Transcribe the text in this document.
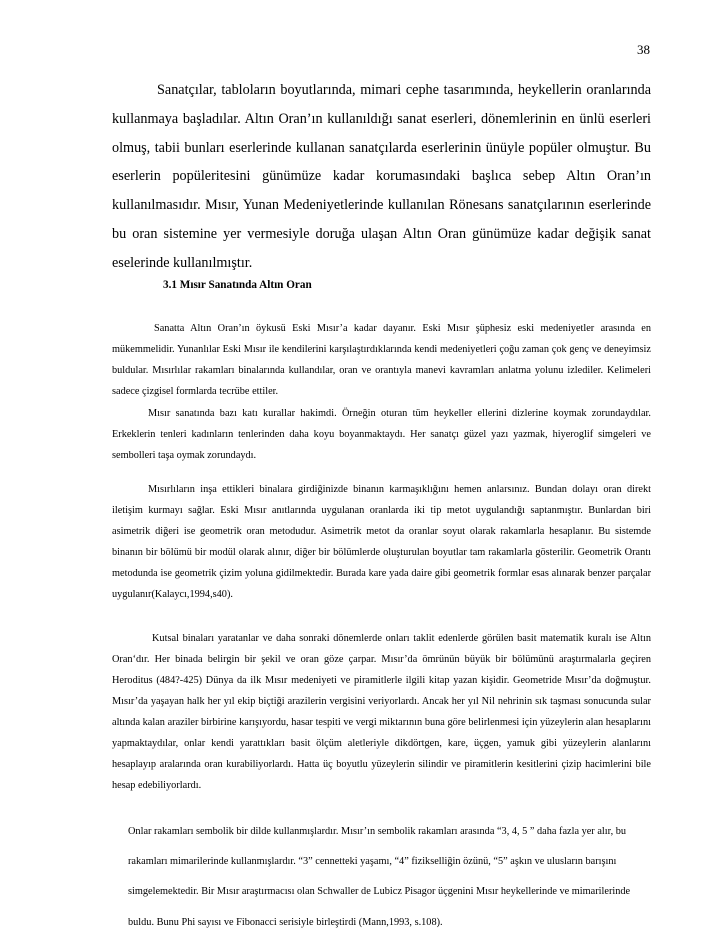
38

Sanatçılar, tabloların boyutlarında, mimari cephe tasarımında, heykellerin oranlarında kullanmaya başladılar. Altın Oran’ın kullanıldığı sanat eserleri, dönemlerinin en ünlü eserleri olmuş, tabii bunları eserlerinde kullanan sanatçılarda eserlerinin ünüyle popüler olmuştur. Bu eserlerin popüleritesini günümüze kadar korumasındaki başlıca sebep Altın Oran’ın kullanılmasıdır. Mısır, Yunan Medeniyetlerinde kullanılan Rönesans sanatçılarının eserlerinde bu oran sistemine yer vermesiyle doruğa ulaşan Altın Oran günümüze kadar değişik sanat eselerinde kullanılmıştır.

3.1 Mısır Sanatında Altın Oran

Sanatta Altın Oran’ın öykusü Eski Mısır’a kadar dayanır. Eski Mısır şüphesiz eski medeniyetler arasında en mükemmelidir. Yunanlılar Eski Mısır ile kendilerini karşılaştırdıklarında kendi medeniyetleri çoğu zaman çok genç ve deneyimsiz buldular. Mısırlılar rakamları binalarında kullandılar, oran ve orantıyla manevi kavramları anlatma yolunu izlediler. Kelimeleri sadece çizgisel formlarda tecrübe ettiler.

Mısır sanatında bazı katı kurallar hakimdi. Örneğin oturan tüm heykeller ellerini dizlerine koymak zorundaydılar. Erkeklerin tenleri kadınların tenlerinden daha koyu boyanmaktaydı. Her sanatçı güzel yazı yazmak, hiyeroglif simgeleri ve sembolleri taşa oymak zorundaydı.

Mısırlıların inşa ettikleri binalara girdiğinizde binanın karmaşıklığını hemen anlarsınız. Bundan dolayı oran direkt iletişim kurmayı sağlar. Eski Mısır anıtlarında uygulanan oranlarda iki tip metot uygulandığı saptanmıştır. Bunlardan biri asimetrik diğeri ise geometrik oran metodudur. Asimetrik metot da oranlar soyut olarak rakamlarla hesaplanır. Bu sistemde binanın bir bölümü bir modül olarak alınır, diğer bir bölümlerde oluşturulan boyutlar tam rakamlarla gösterilir. Geometrik Orantı metodunda ise geometrik çizim yoluna gidilmektedir. Burada kare yada daire gibi geometrik formlar esas alınarak benzer parçalar uygulanır(Kalaycı,1994,s40).

Kutsal binaları yaratanlar ve daha sonraki dönemlerde onları taklit edenlerde görülen basit matematik kuralı ise Altın Oran‘dır. Her binada belirgin bir şekil ve oran göze çarpar. Mısır’da ömrünün büyük bir bölümünü araştırmalarla geçiren Heroditus (484?-425) Dünya da ilk Mısır medeniyeti ve piramitlerle ilgili kitap yazan kişidir. Geometride Mısır’da doğmuştur. Mısır’da yaşayan halk her yıl ekip biçtiği arazilerin vergisini veriyorlardı. Ancak her yıl Nil nehrinin sık taşması sonucunda sular altında kalan araziler birbirine karışıyordu, hasar tespiti ve vergi miktarının buna göre belirlenmesi için yüzeylerin alan hesaplarını yapmaktaydılar, onlar kendi yarattıkları basit ölçüm aletleriyle dikdörtgen, kare, üçgen, yamuk gibi yüzeylerin alanlarını hesaplayıp aralarında oran kurabiliyorlardı. Hatta üç boyutlu yüzeylerin silindir ve piramitlerin kesitlerini çizip hacimlerini bile hesap edebiliyorlardı.

Onlar rakamları sembolik bir dilde kullanmışlardır. Mısır’ın sembolik rakamları arasında “3, 4, 5 ” daha fazla yer alır, bu rakamları mimarilerinde kullanmışlardır. “3” cennetteki yaşamı, “4” fizikselliğin özünü, “5” aşkın ve ulusların barışını simgelemektedir. Bir Mısır araştırmacısı olan Schwaller de Lubicz Pisagor üçgenini Mısır heykellerinde ve mimarilerinde buldu. Bunu Phi sayısı ve Fibonacci serisiyle birleştirdi (Mann,1993, s.108).
